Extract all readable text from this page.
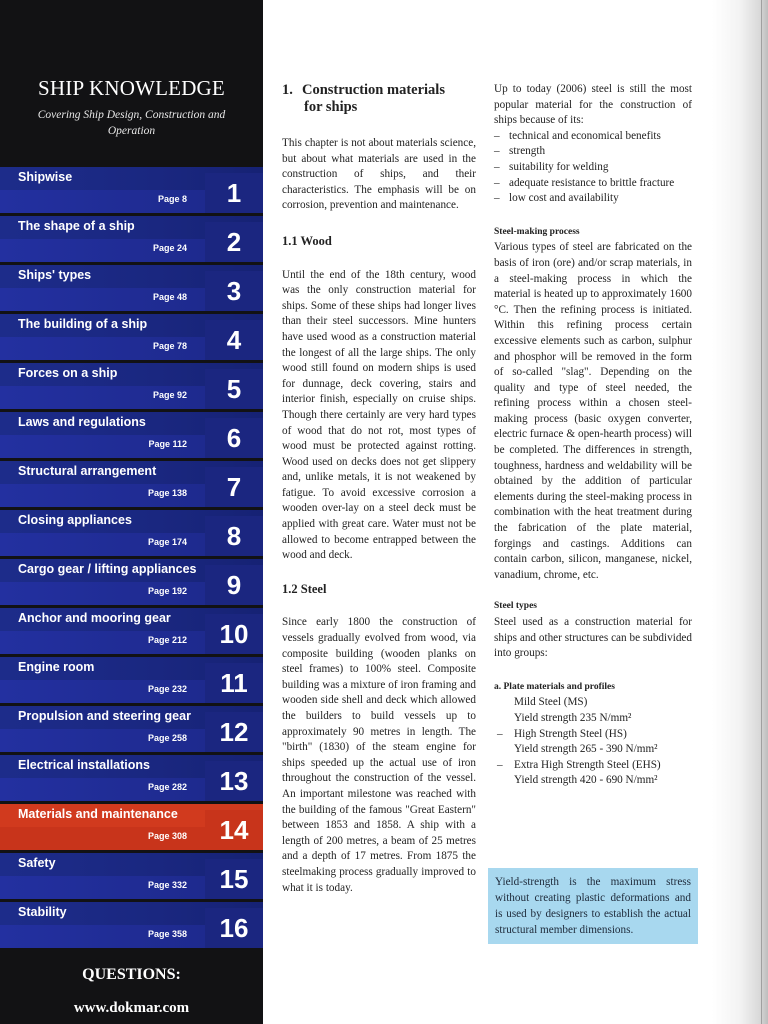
SHIP KNOWLEDGE
Covering Ship Design, Construction and Operation
Shipwise
Page 8	1
The shape of a ship
Page 24	2
Ships' types
Page 48	3
The building of a ship
Page 78	4
Forces on a ship
Page 92	5
Laws and regulations
Page 112	6
Structural arrangement
Page 138	7
Closing appliances
Page 174	8
Cargo gear / lifting appliances
Page 192	9
Anchor and mooring gear
Page 212	10
Engine room
Page 232	11
Propulsion and steering gear
Page 258	12
Electrical installations
Page 282	13
Materials and maintenance
Page 308	14
Safety
Page 332	15
Stability
Page 358	16
QUESTIONS:
www.dokmar.com
1. Construction materials
for ships

This chapter is not about materials science, but about what materials are used in the construction of ships, and their characteristics. The emphasis will be on corrosion, prevention and maintenance.

1.1 Wood

Until the end of the 18th century, wood was the only construction material for ships. Some of these ships had longer lives than their steel successors. Mine hunters have used wood as a construction material the longest of all the large ships. The only wood still found on modern ships is used for dunnage, deck covering, stairs and interior finish, especially on cruise ships. Though there certainly are very hard types of wood that do not rot, most types of wood must be protected against rotting. Wood used on decks does not get slippery and, unlike metals, it is not weakened by fatigue. To avoid excessive corrosion a wooden over-lay on a steel deck must be applied with great care. Water must not be allowed to become entrapped between the wood and deck.

1.2 Steel

Since early 1800 the construction of vessels gradually evolved from wood, via composite building (wooden planks on steel frames) to 100% steel. Composite building was a mixture of iron framing and wooden side shell and deck which allowed the builders to build vessels up to approximately 90 metres in length. The "birth" (1830) of the steam engine for ships speeded up the actual use of iron throughout the construction of the vessel. An important milestone was reached with the building of the famous "Great Eastern" between 1853 and 1858. A ship with a length of 200 metres, a beam of 25 metres and a depth of 17 metres. From 1875 the steelmaking process gradually improved to what it is today.

Up to today (2006) steel is still the most popular material for the construction of ships because of its:

– technical and economical benefits
– strength
– suitability for welding
– adequate resistance to brittle fracture
– low cost and availability
Steel-making process

Various types of steel are fabricated on the basis of iron (ore) and/or scrap materials, in a steel-making process in which the material is heated up to approximately 1600 °C. Then the refining process is initiated. Within this refining process certain excessive elements such as carbon, sulphur and phosphor will be removed in the form of so-called "slag". Depending on the quality and type of steel needed, the refining process within a chosen steel-making process (basic oxygen converter, electric furnace & open-hearth process) will be completed. The differences in strength, toughness, hardness and weldability will be obtained by the addition of particular elements during the steel-making process in combination with the heat treatment during the fabrication of the plate material, forgings and castings. Additions can contain carbon, silicon, manganese, nickel, vanadium, chrome, etc.

Steel types

Steel used as a construction material for ships and other structures can be subdivided into groups:

a. Plate materials and profiles
Mild Steel (MS)
Yield strength 235 N/mm²
– High Strength Steel (HS)
Yield strength 265 - 390 N/mm²
– Extra High Strength Steel (EHS)
Yield strength 420 - 690 N/mm²
Yield-strength is the maximum stress without creating plastic deformations and is used by designers to establish the actual structural member dimensions.
